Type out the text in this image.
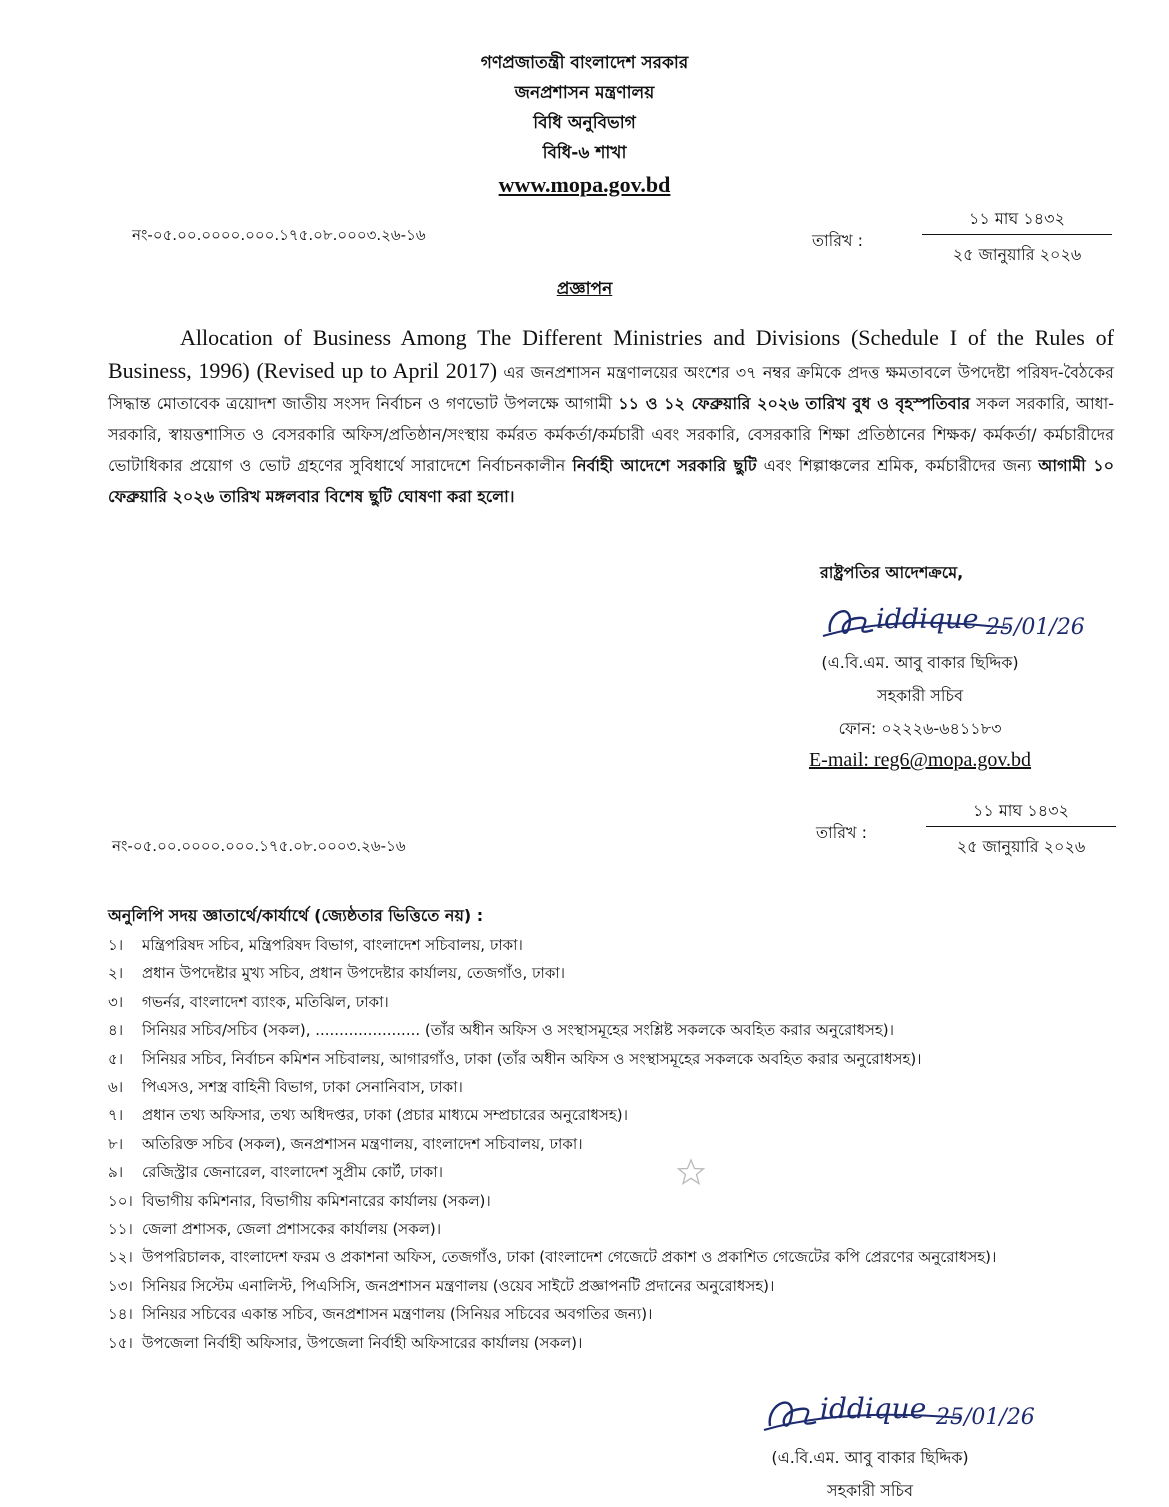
গণপ্রজাতন্ত্রী বাংলাদেশ সরকার
জনপ্রশাসন মন্ত্রণালয়
বিধি অনুবিভাগ
বিধি-৬ শাখা
www.mopa.gov.bd
নং-০৫.০০.০০০০.০০০.১৭৫.০৮.০০০৩.২৬-১৬	তারিখ :
১১ মাঘ ১৪৩২
২৫ জানুয়ারি ২০২৬
প্রজ্ঞাপন
Allocation of Business Among The Different Ministries and Divisions (Schedule I of the Rules of Business, 1996) (Revised up to April 2017) এর জনপ্রশাসন মন্ত্রণালয়ের অংশের ৩৭ নম্বর ক্রমিকে প্রদত্ত ক্ষমতাবলে উপদেষ্টা পরিষদ-বৈঠকের সিদ্ধান্ত মোতাবেক ত্রয়োদশ জাতীয় সংসদ নির্বাচন ও গণভোট উপলক্ষে আগামী ১১ ও ১২ ফেব্রুয়ারি ২০২৬ তারিখ বুধ ও বৃহস্পতিবার সকল সরকারি, আধা-সরকারি, স্বায়ত্তশাসিত ও বেসরকারি অফিস/প্রতিষ্ঠান/সংস্থায় কর্মরত কর্মকর্তা/কর্মচারী এবং সরকারি, বেসরকারি শিক্ষা প্রতিষ্ঠানের শিক্ষক/ কর্মকর্তা/ কর্মচারীদের ভোটাধিকার প্রয়োগ ও ভোট গ্রহণের সুবিধার্থে সারাদেশে নির্বাচনকালীন নির্বাহী আদেশে সরকারি ছুটি এবং শিল্পাঞ্চলের শ্রমিক, কর্মচারীদের জন্য আগামী ১০ ফেব্রুয়ারি ২০২৬ তারিখ মঙ্গলবার বিশেষ ছুটি ঘোষণা করা হলো।
রাষ্ট্রপতির আদেশক্রমে,
iddique 25/01/26
(এ.বি.এম. আবু বাকার ছিদ্দিক)
সহকারী সচিব
ফোন: ০২২২৬-৬৪১১৮৩
E-mail: reg6@mopa.gov.bd
তারিখ :
১১ মাঘ ১৪৩২
২৫ জানুয়ারি ২০২৬
নং-০৫.০০.০০০০.০০০.১৭৫.০৮.০০০৩.২৬-১৬
অনুলিপি সদয় জ্ঞাতার্থে/কার্যার্থে (জ্যেষ্ঠতার ভিত্তিতে নয়) :
১।	মন্ত্রিপরিষদ সচিব, মন্ত্রিপরিষদ বিভাগ, বাংলাদেশ সচিবালয়, ঢাকা।
২।	প্রধান উপদেষ্টার মুখ্য সচিব, প্রধান উপদেষ্টার কার্যালয়, তেজগাঁও, ঢাকা।
৩।	গভর্নর, বাংলাদেশ ব্যাংক, মতিঝিল, ঢাকা।
৪।	সিনিয়র সচিব/সচিব (সকল), ...................... (তাঁর অধীন অফিস ও সংস্থাসমূহের সংশ্লিষ্ট সকলকে অবহিত করার অনুরোধসহ)।
৫।	সিনিয়র সচিব, নির্বাচন কমিশন সচিবালয়, আগারগাঁও, ঢাকা (তাঁর অধীন অফিস ও সংস্থাসমূহের সকলকে অবহিত করার অনুরোধসহ)।
৬।	পিএসও, সশস্ত্র বাহিনী বিভাগ, ঢাকা সেনানিবাস, ঢাকা।
৭।	প্রধান তথ্য অফিসার, তথ্য অধিদপ্তর, ঢাকা (প্রচার মাধ্যমে সম্প্রচারের অনুরোধসহ)।
৮।	অতিরিক্ত সচিব (সকল), জনপ্রশাসন মন্ত্রণালয়, বাংলাদেশ সচিবালয়, ঢাকা।
৯।	রেজিস্ট্রার জেনারেল, বাংলাদেশ সুপ্রীম কোর্ট, ঢাকা।
১০। বিভাগীয় কমিশনার, বিভাগীয় কমিশনারের কার্যালয় (সকল)।
১১। জেলা প্রশাসক, জেলা প্রশাসকের কার্যালয় (সকল)।
১২। উপপরিচালক, বাংলাদেশ ফরম ও প্রকাশনা অফিস, তেজগাঁও, ঢাকা (বাংলাদেশ গেজেটে প্রকাশ ও প্রকাশিত গেজেটের কপি প্রেরণের অনুরোধসহ)।
১৩। সিনিয়র সিস্টেম এনালিস্ট, পিএসিসি, জনপ্রশাসন মন্ত্রণালয় (ওয়েব সাইটে প্রজ্ঞাপনটি প্রদানের অনুরোধসহ)।
১৪। সিনিয়র সচিবের একান্ত সচিব, জনপ্রশাসন মন্ত্রণালয় (সিনিয়র সচিবের অবগতির জন্য)।
১৫। উপজেলা নির্বাহী অফিসার, উপজেলা নির্বাহী অফিসারের কার্যালয় (সকল)।
iddique 25/01/26
(এ.বি.এম. আবু বাকার ছিদ্দিক)
সহকারী সচিব
